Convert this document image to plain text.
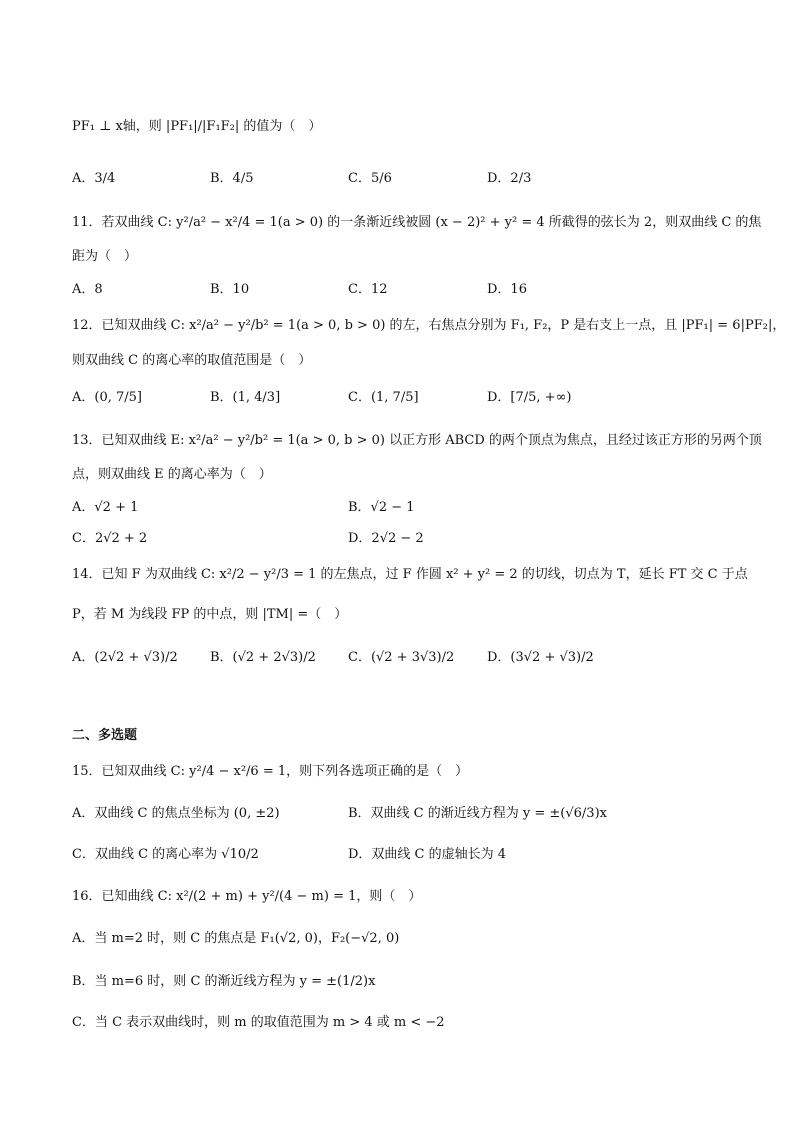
PF₁ ⊥ x轴，则 |PF₁|/|F₁F₂| 的值为（　）
A．3/4	B．4/5	C．5/6	D．2/3
11．若双曲线 C: y²/a² − x²/4 = 1(a > 0) 的一条渐近线被圆 (x − 2)² + y² = 4 所截得的弦长为 2，则双曲线 C 的焦
距为（　）
A．8	B．10	C．12	D．16
12．已知双曲线 C: x²/a² − y²/b² = 1(a > 0, b > 0) 的左，右焦点分别为 F₁, F₂，P 是右支上一点，且 |PF₁| = 6|PF₂|，
则双曲线 C 的离心率的取值范围是（　）
A．(0, 7/5]	B．(1, 4/3]	C．(1, 7/5]	D．[7/5, +∞)
13．已知双曲线 E: x²/a² − y²/b² = 1(a > 0, b > 0) 以正方形 ABCD 的两个顶点为焦点，且经过该正方形的另两个顶
点，则双曲线 E 的离心率为（　）
A．√2 + 1	B．√2 − 1
C．2√2 + 2	D．2√2 − 2
14．已知 F 为双曲线 C: x²/2 − y²/3 = 1 的左焦点，过 F 作圆 x² + y² = 2 的切线，切点为 T，延长 FT 交 C 于点
P，若 M 为线段 FP 的中点，则 |TM| =（　）
A．(2√2 + √3)/2 B．(√2 + 2√3)/2 C．(√2 + 3√3)/2	D．(3√2 + √3)/2
二、多选题
15．已知双曲线 C: y²/4 − x²/6 = 1，则下列各选项正确的是（　）
A．双曲线 C 的焦点坐标为 (0, ±2)	B．双曲线 C 的渐近线方程为 y = ±(√6/3)x
C．双曲线 C 的离心率为 √10/2	D．双曲线 C 的虚轴长为 4
16．已知曲线 C: x²/(2 + m) + y²/(4 − m) = 1，则（　）
A．当 m=2 时，则 C 的焦点是 F₁(√2, 0)，F₂(−√2, 0)
B．当 m=6 时，则 C 的渐近线方程为 y = ±(1/2)x
C．当 C 表示双曲线时，则 m 的取值范围为 m > 4 或 m < −2
